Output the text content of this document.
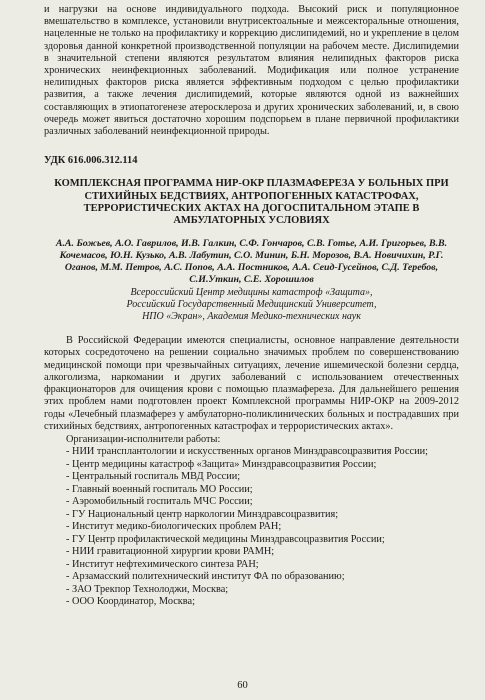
и нагрузки на основе индивидуального подхода. Высокий риск и популяционное вмешательство в комплексе, установили внутрисектоальные и межсекторальные отношения, нацеленные не только на профилактику и коррекцию дислипидемий, но и укрепление в целом здоровья данной конкретной производственной популяции на рабочем месте. Дислипидемии в значительной степени являются результатом влияния нелипидных факторов риска хронических неинфекционных заболеваний. Модификация или полное устранение нелипидных факторов риска является эффективным подходом с целью профилактики развития, а также лечения дислипидемий, которые являются одной из важнейших составляющих в этиопатогенезе атеросклероза и других хронических заболеваний, и, в свою очередь может явиться достаточно хорошим подспорьем в плане первичной профилактики различных заболеваний неинфекционной природы.

УДК 616.006.312.114

КОМПЛЕКСНАЯ ПРОГРАММА НИР-ОКР ПЛАЗМАФЕРЕЗА У БОЛЬНЫХ ПРИ СТИХИЙНЫХ БЕДСТВИЯХ, АНТРОПОГЕННЫХ КАТАСТРОФАХ, ТЕРРОРИСТИЧЕСКИХ АКТАХ НА ДОГОСПИТАЛЬНОМ ЭТАПЕ В АМБУЛАТОРНЫХ УСЛОВИЯХ

А.А. Божьев, А.О. Гаврилов, И.В. Галкин, С.Ф. Гончаров, С.В. Готье, А.И. Григорьев, В.В. Кочемасов, Ю.Н. Кузько, А.В. Лабутин, С.О. Минин, Б.Н. Морозов, В.А. Новичихин, Р.Г. Оганов, М.М. Петров, А.С. Попов, А.А. Постников, А.А. Сеид-Гусейнов, С.Д. Теребов, С.И.Уткин, С.Е. Хорошилов

Всероссийский Центр медицины катастроф «Защита»,

Российский Государственный Медицинский Университет,

НПО «Экран», Академия Медико-технических наук

В Российской Федерации имеются специалисты, основное направление деятельности которых сосредоточено на решении социально значимых проблем по совершенствованию медицинской помощи при чрезвычайных ситуациях, лечение ишемической болезни сердца, алкоголизма, наркомании и других заболеваний с использованием отечественных фракционаторов для очищения крови с помощью плазмафереза. Для дальнейшего решения этих проблем нами подготовлен проект Комплексной программы НИР-ОКР на 2009-2012 годы «Лечебный плазмаферез у амбулаторно-поликлинических больных и пострадавших при стихийных бедствиях, антропогенных катастрофах и террористических актах».

Организации-исполнители работы:

- НИИ трансплантологии и искусственных органов Минздравсоцразвития России;
- Центр медицины катастроф «Защита» Минздравсоцразвития России;
- Центральный госпиталь МВД России;
- Главный военный госпиталь МО России;
- Аэромобильный госпиталь МЧС России;
- ГУ Национальный центр наркологии Минздравсоцразвития;
- Институт медико-биологических проблем РАН;
- ГУ Центр профилактической медицины Минздравсоцразвития России;
- НИИ гравитационной хирургии крови РАМН;
- Институт нефтехимического синтеза РАН;
- Арзамасский политехнический институт ФА по образованию;
- ЗАО Трекпор Технолоджи, Москва;
- ООО Координатор, Москва;
60
